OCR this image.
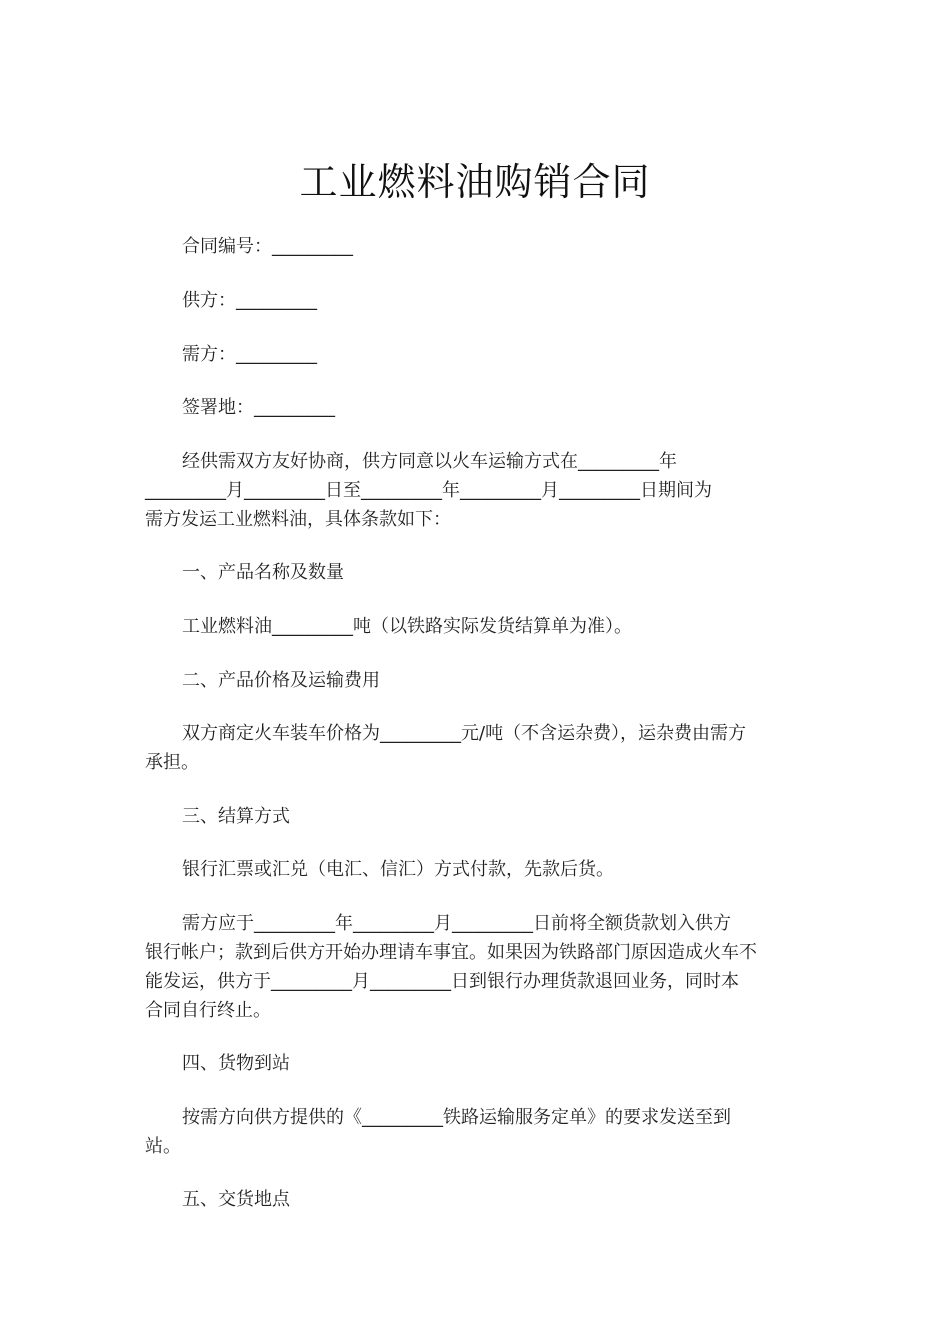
工业燃料油购销合同
合同编号：_________
供方：_________
需方：_________
签署地：_________
经供需双方友好协商，供方同意以火车运输方式在_________年
_________月_________日至_________年_________月_________日期间为
需方发运工业燃料油，具体条款如下：
一、产品名称及数量
工业燃料油_________吨（以铁路实际发货结算单为准）。
二、产品价格及运输费用
双方商定火车装车价格为_________元/吨（不含运杂费），运杂费由需方
承担。
三、结算方式
银行汇票或汇兑（电汇、信汇）方式付款，先款后货。
需方应于_________年_________月_________日前将全额货款划入供方
银行帐户；款到后供方开始办理请车事宜。如果因为铁路部门原因造成火车不
能发运，供方于_________月_________日到银行办理货款退回业务，同时本
合同自行终止。
四、货物到站
按需方向供方提供的《_________铁路运输服务定单》的要求发送至到
站。
五、交货地点
